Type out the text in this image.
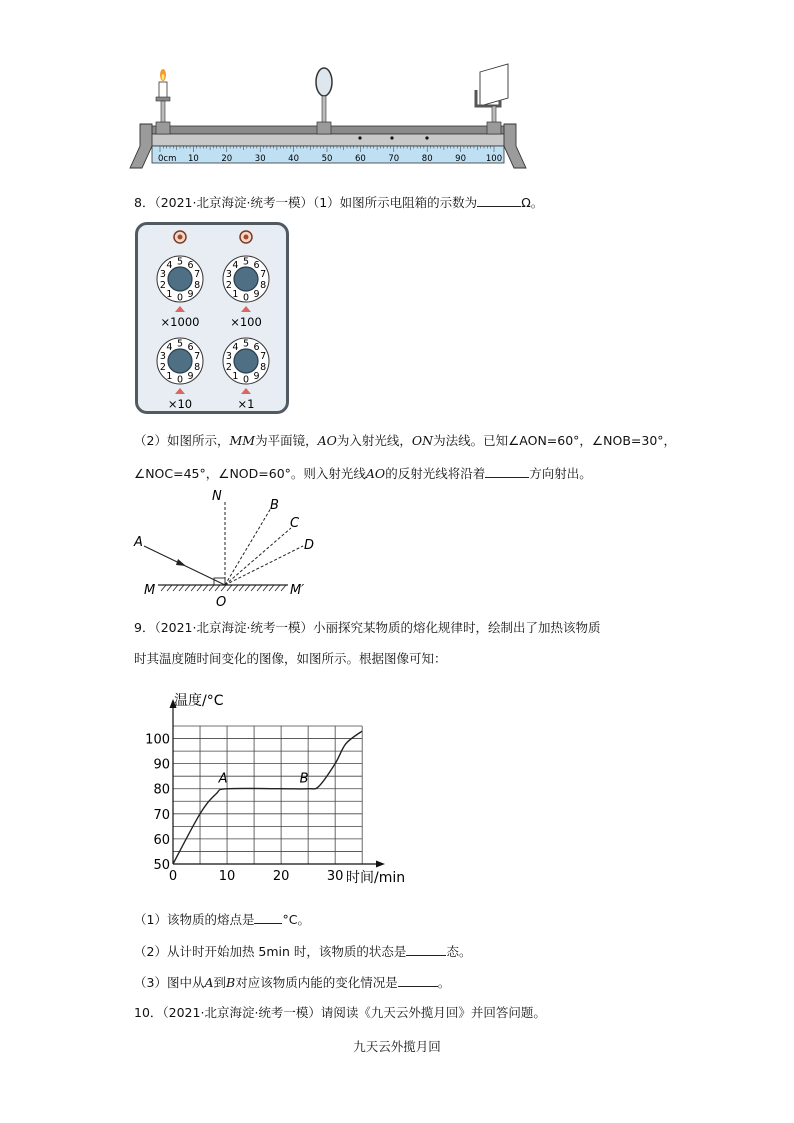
0cm 10	20	30	40	50	60	70	80	90 100
8．（2021·北京海淀·统考一模）（1）如图所示电阻箱的示数为	Ω。
0
1
2
3
4 5 6
7
8
9
×1000
0
1
2
3
4 5 6
7
8
9
×100
0
1
2
3
4 5 6
7
8
9
×10
0
1
2
3
4 5 6
7
8
9
×1
（2）如图所示，MM为平面镜，AO为入射光线，ON为法线。已知∠AON=60°，∠NOB=30°，
∠NOC=45°，∠NOD=60°。则入射光线AO的反射光线将沿着	方向射出。
N
A
B
C
D
M
O
M′
9．（2021·北京海淀·统考一模）小丽探究某物质的熔化规律时，绘制出了加热该物质
时其温度随时间变化的图像，如图所示。根据图像可知：
0	10	20	30
50
60
70
80
90
100
A	B
温度/°C
时间/min
（1）该物质的熔点是 °C。
（2）从计时开始加热 5min 时，该物质的状态是	态。
（3）图中从A到B对应该物质内能的变化情况是	。
10．（2021·北京海淀·统考一模）请阅读《九天云外揽月回》并回答问题。
九天云外揽月回
